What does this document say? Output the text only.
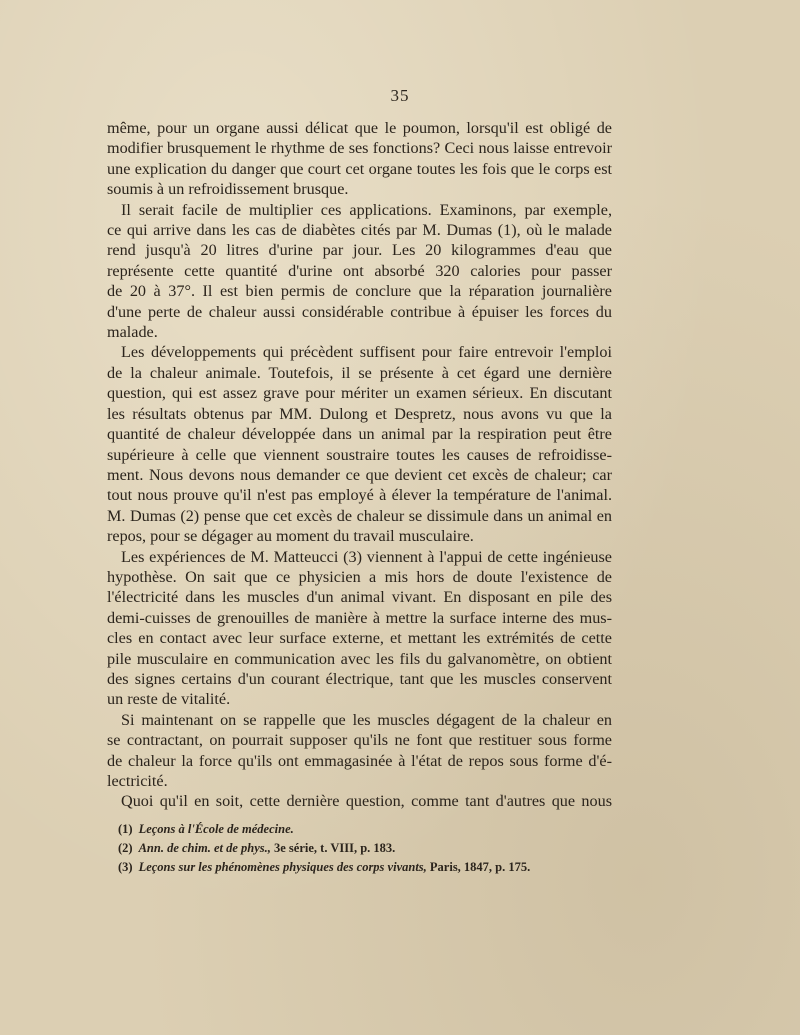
35
même, pour un organe aussi délicat que le poumon, lorsqu'il est obligé de
modifier brusquement le rhythme de ses fonctions? Ceci nous laisse entrevoir
une explication du danger que court cet organe toutes les fois que le corps est
soumis à un refroidissement brusque.
Il serait facile de multiplier ces applications. Examinons, par exemple,
ce qui arrive dans les cas de diabètes cités par M. Dumas (1), où le malade
rend jusqu'à 20 litres d'urine par jour. Les 20 kilogrammes d'eau que
représente cette quantité d'urine ont absorbé 320 calories pour passer
de 20 à 37°. Il est bien permis de conclure que la réparation journalière
d'une perte de chaleur aussi considérable contribue à épuiser les forces du
malade.
Les développements qui précèdent suffisent pour faire entrevoir l'emploi
de la chaleur animale. Toutefois, il se présente à cet égard une dernière
question, qui est assez grave pour mériter un examen sérieux. En discutant
les résultats obtenus par MM. Dulong et Despretz, nous avons vu que la
quantité de chaleur développée dans un animal par la respiration peut être
supérieure à celle que viennent soustraire toutes les causes de refroidisse-
ment. Nous devons nous demander ce que devient cet excès de chaleur; car
tout nous prouve qu'il n'est pas employé à élever la température de l'animal.
M. Dumas (2) pense que cet excès de chaleur se dissimule dans un animal en
repos, pour se dégager au moment du travail musculaire.
Les expériences de M. Matteucci (3) viennent à l'appui de cette ingénieuse
hypothèse. On sait que ce physicien a mis hors de doute l'existence de
l'électricité dans les muscles d'un animal vivant. En disposant en pile des
demi-cuisses de grenouilles de manière à mettre la surface interne des mus-
cles en contact avec leur surface externe, et mettant les extrémités de cette
pile musculaire en communication avec les fils du galvanomètre, on obtient
des signes certains d'un courant électrique, tant que les muscles conservent
un reste de vitalité.
Si maintenant on se rappelle que les muscles dégagent de la chaleur en
se contractant, on pourrait supposer qu'ils ne font que restituer sous forme
de chaleur la force qu'ils ont emmagasinée à l'état de repos sous forme d'é-
lectricité.
Quoi qu'il en soit, cette dernière question, comme tant d'autres que nous
(1) Leçons à l'École de médecine.
(2) Ann. de chim. et de phys., 3e série, t. VIII, p. 183.
(3) Leçons sur les phénomènes physiques des corps vivants, Paris, 1847, p. 175.
